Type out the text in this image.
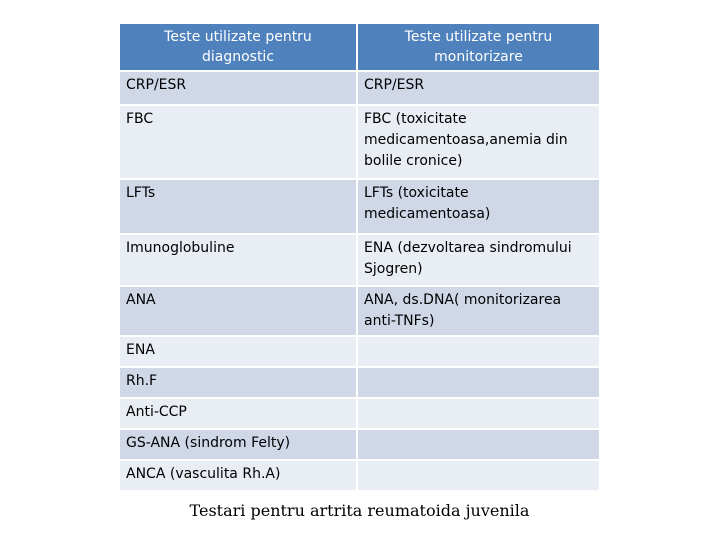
Teste utilizate pentru diagnostic	Teste utilizate pentru monitorizare
CRP/ESR	CRP/ESR
FBC	FBC (toxicitate medicamentoasa,anemia din bolile cronice)
LFTs	LFTs (toxicitate medicamentoasa)
Imunoglobuline	ENA (dezvoltarea sindromului Sjogren)
ANA	ANA, ds.DNA( monitorizarea anti-TNFs)
ENA	
Rh.F	
Anti-CCP	
GS-ANA (sindrom Felty)	
ANCA (vasculita Rh.A)	
Testari pentru artrita reumatoida juvenila
